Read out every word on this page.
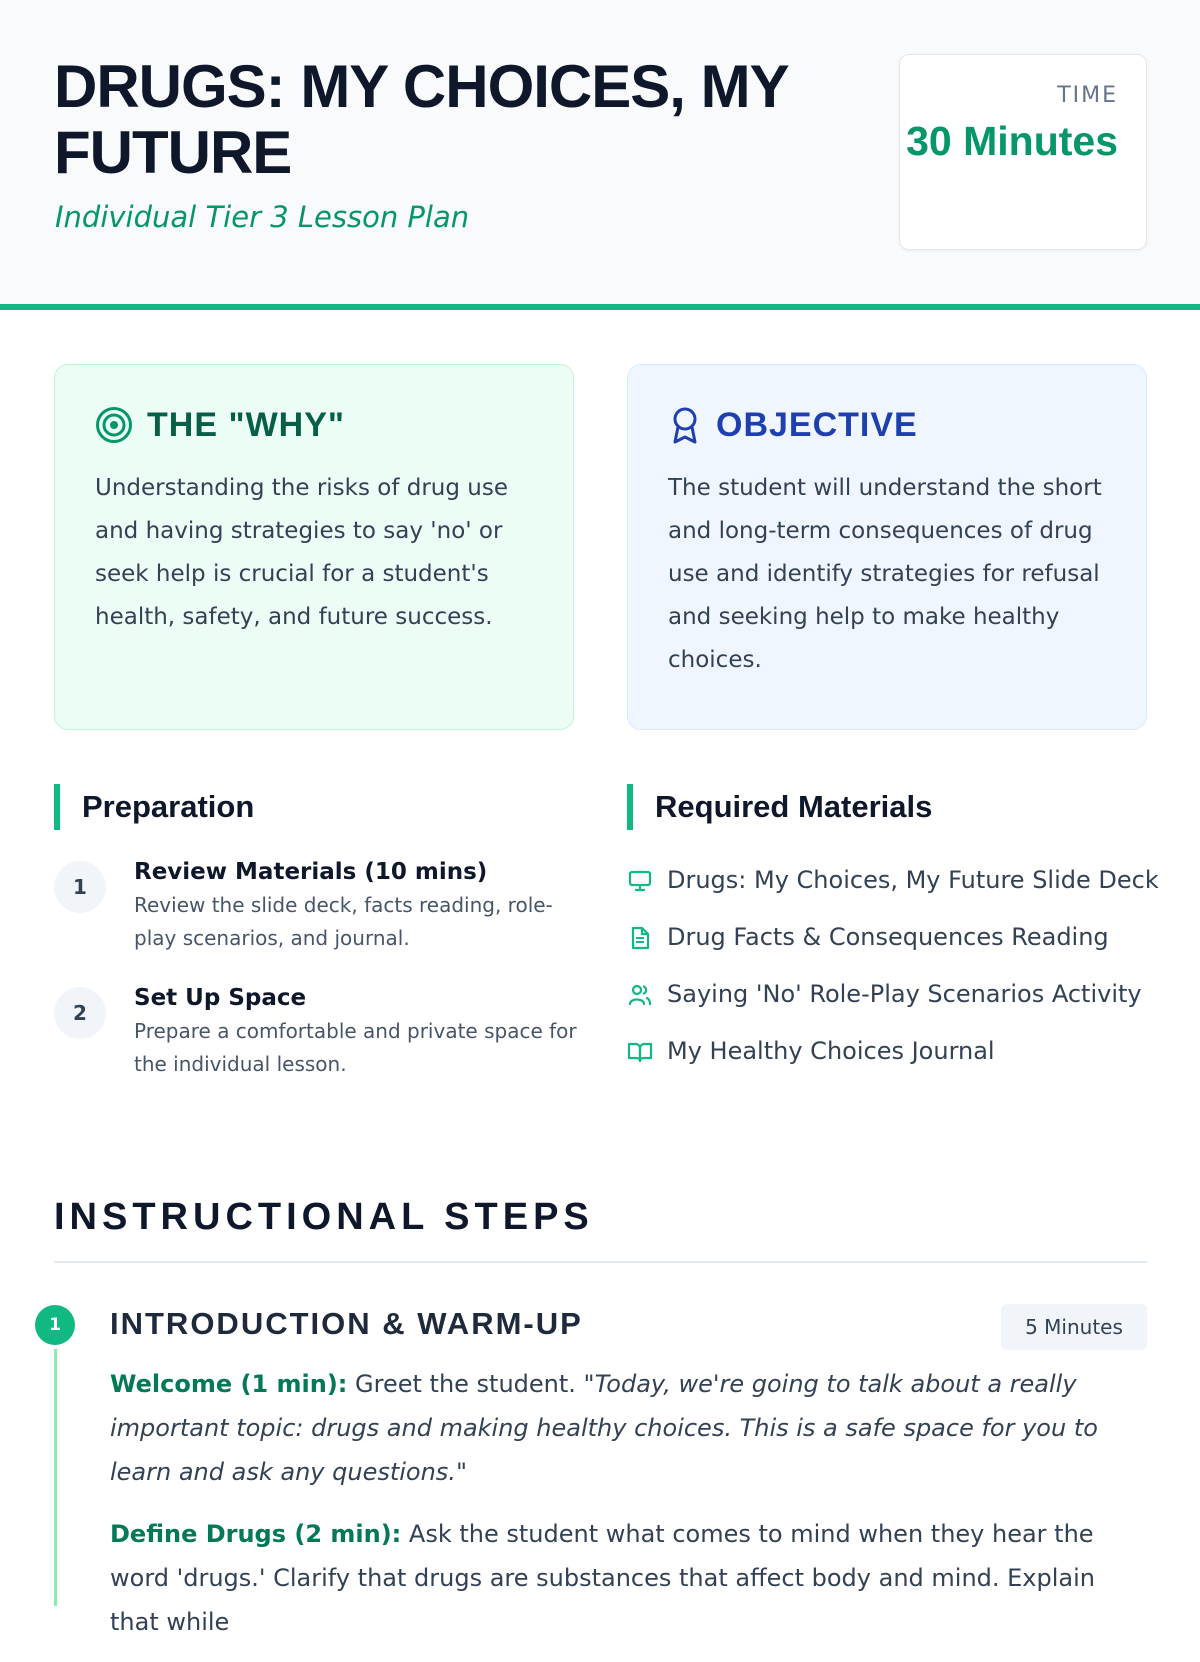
DRUGS: MY CHOICES, MY FUTURE
Individual Tier 3 Lesson Plan
TIME
30 Minutes
THE "WHY"

Understanding the risks of drug use and having strategies to say 'no' or seek help is crucial for a student's health, safety, and future success.

OBJECTIVE

The student will understand the short and long-term consequences of drug use and identify strategies for refusal and seeking help to make healthy choices.

Preparation
1
Review Materials (10 mins)
Review the slide deck, facts reading, role-play scenarios, and journal.
2
Set Up Space
Prepare a comfortable and private space for the individual lesson.
Required Materials
Drugs: My Choices, My Future Slide Deck
Drug Facts & Consequences Reading
Saying 'No' Role-Play Scenarios Activity
My Healthy Choices Journal
INSTRUCTIONAL STEPS
1	INTRODUCTION & WARM-UP	5 Minutes

Welcome (1 min): Greet the student. "Today, we're going to talk about a really important topic: drugs and making healthy choices. This is a safe space for you to learn and ask any questions."

Define Drugs (2 min): Ask the student what comes to mind when they hear the word 'drugs.' Clarify that drugs are substances that affect body and mind. Explain that while
